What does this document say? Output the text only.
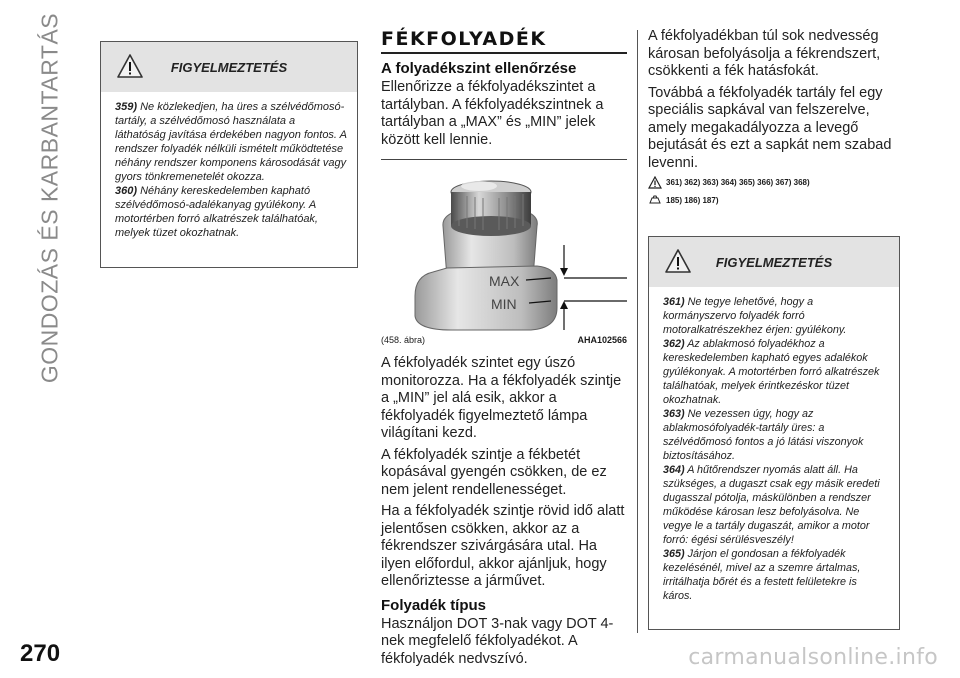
GONDOZÁS ÉS KARBANTARTÁS	FIGYELMEZTETÉS

359) Ne közlekedjen, ha üres a szélvédőmosó-tartály, a szélvédőmosó használata a láthatóság javítása érdekében nagyon fontos. A rendszer folyadék nélküli ismételt működtetése néhány rendszer komponens károsodását vagy gyors tönkremenetelét okozza.

360) Néhány kereskedelemben kapható szélvédőmosó-adalékanyag gyúlékony. A motortérben forró alkatrészek találhatóak, melyek tüzet okozhatnak.

FÉKFOLYADÉK
A folyadékszint ellenőrzése

Ellenőrizze a fékfolyadékszintet a tartályban. A fékfolyadékszintnek a tartályban a „MAX” és „MIN” jelek között kell lennie.

MAX
MIN
(458. ábra)	AHA102566

A fékfolyadék szintet egy úszó monitorozza. Ha a fékfolyadék szintje a „MIN” jel alá esik, akkor a fékfolyadék figyelmeztető lámpa világítani kezd.

A fékfolyadék szintje a fékbetét kopásával gyengén csökken, de ez nem jelent rendellenességet.

Ha a fékfolyadék szintje rövid idő alatt jelentősen csökken, akkor az a fékrendszer szivárgására utal. Ha ilyen előfordul, akkor ajánljuk, hogy ellenőriztesse a járművet.

Folyadék típus

Használjon DOT 3-nak vagy DOT 4-nek megfelelő fékfolyadékot. A fékfolyadék nedvszívó.

A fékfolyadékban túl sok nedvesség károsan befolyásolja a fékrendszert, csökkenti a fék hatásfokát.

Továbbá a fékfolyadék tartály fel egy speciális sapkával van felszerelve, amely megakadályozza a levegő bejutását és ezt a sapkát nem szabad levenni.

361) 362) 363) 364) 365) 366) 367) 368)
185) 186) 187)
FIGYELMEZTETÉS

361) Ne tegye lehetővé, hogy a kormányszervo folyadék forró motoralkatrészekhez érjen: gyúlékony.

362) Az ablakmosó folyadékhoz a kereskedelemben kapható egyes adalékok gyúlékonyak. A motortérben forró alkatrészek találhatóak, melyek érintkezéskor tüzet okozhatnak.

363) Ne vezessen úgy, hogy az ablakmosófolyadék-tartály üres: a szélvédőmosó fontos a jó látási viszonyok biztosításához.

364) A hűtőrendszer nyomás alatt áll. Ha szükséges, a dugaszt csak egy másik eredeti dugasszal pótolja, máskülönben a rendszer működése károsan lesz befolyásolva. Ne vegye le a tartály dugaszát, amikor a motor forró: égési sérülésveszély!

365) Járjon el gondosan a fékfolyadék kezelésénél, mivel az a szemre ártalmas, irritálhatja bőrét és a festett felületekre is káros.

270	carmanualsonline.info
